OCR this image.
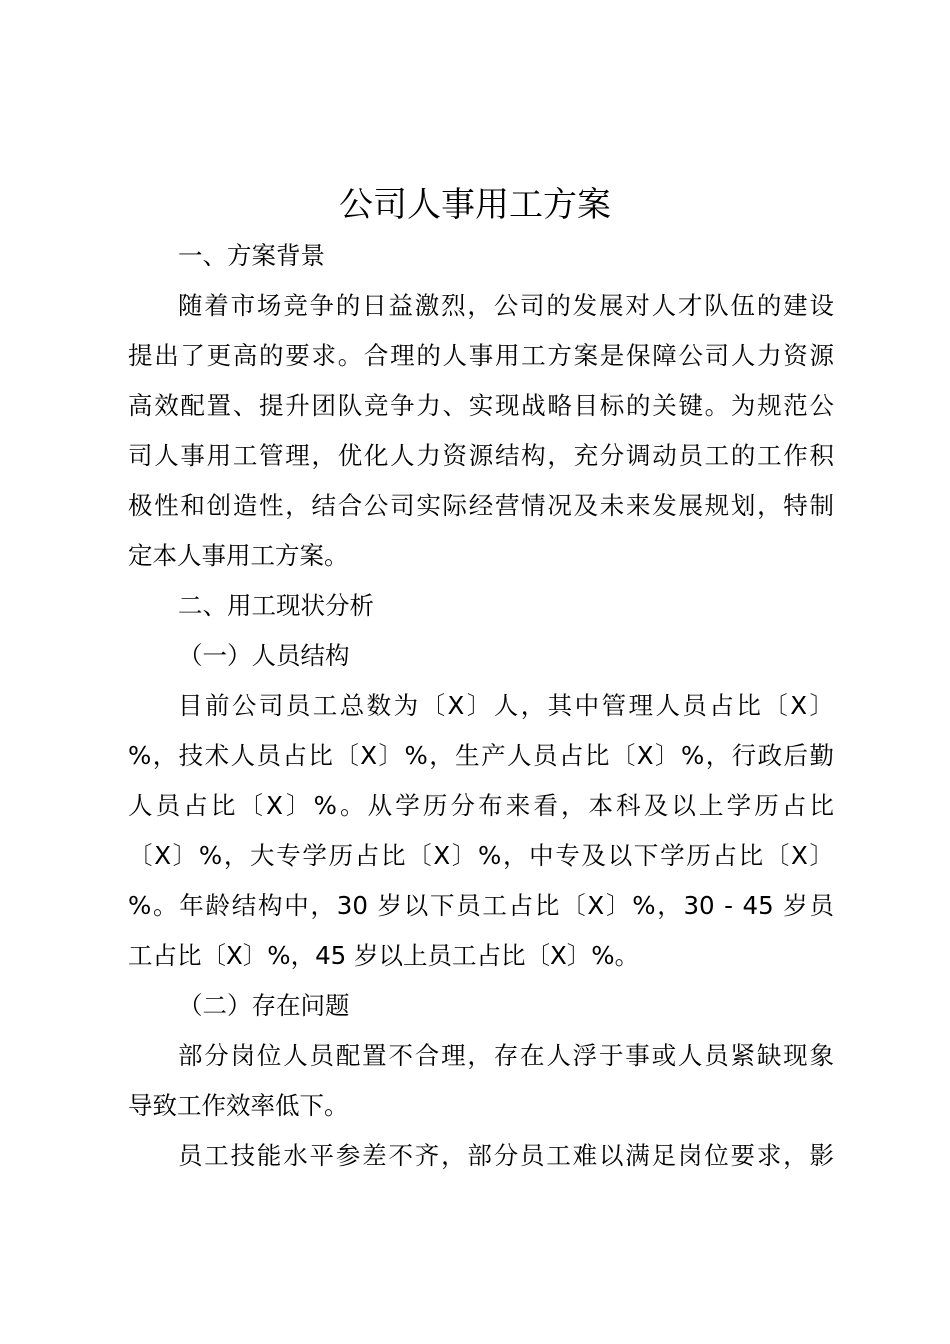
公司人事用工方案
一、方案背景
随着市场竞争的日益激烈，公司的发展对人才队伍的建设
提出了更高的要求。合理的人事用工方案是保障公司人力资源
高效配置、提升团队竞争力、实现战略目标的关键。为规范公
司人事用工管理，优化人力资源结构，充分调动员工的工作积
极性和创造性，结合公司实际经营情况及未来发展规划，特制
定本人事用工方案。
二、用工现状分析
（一）人员结构
目前公司员工总数为〔X〕人，其中管理人员占比〔X〕
%，技术人员占比〔X〕%，生产人员占比〔X〕%，行政后勤
人员占比〔X〕%。从学历分布来看，本科及以上学历占比
〔X〕%，大专学历占比〔X〕%，中专及以下学历占比〔X〕
%。年龄结构中，30 岁以下员工占比〔X〕%，30 - 45 岁员
工占比〔X〕%，45 岁以上员工占比〔X〕%。
（二）存在问题
部分岗位人员配置不合理，存在人浮于事或人员紧缺现象
导致工作效率低下。
员工技能水平参差不齐，部分员工难以满足岗位要求，影
